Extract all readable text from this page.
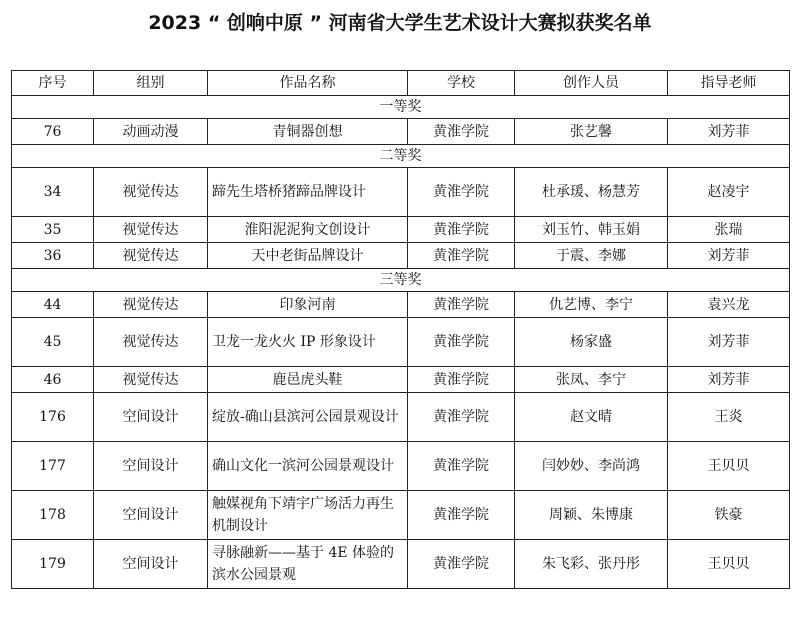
2023 “ 创响中原 ” 河南省大学生艺术设计大赛拟获奖名单
序号	组别	作品名称	学校	创作人员	指导老师
一等奖					
76	动画动漫	青铜器创想	黄淮学院	张艺馨	刘芳菲
二等奖					
34	视觉传达	蹄先生塔桥猪蹄品牌设计	黄淮学院	杜承瑗、杨慧芳	赵凌宇
35	视觉传达	淮阳泥泥狗文创设计	黄淮学院	刘玉竹、韩玉娟	张瑞
36	视觉传达	天中老街品牌设计	黄淮学院	于震、李娜	刘芳菲
三等奖					
44	视觉传达	印象河南	黄淮学院	仇艺博、李宁	袁兴龙
45	视觉传达	卫龙一龙火火 IP 形象设计	黄淮学院	杨家盛	刘芳菲
46	视觉传达	鹿邑虎头鞋	黄淮学院	张凤、李宁	刘芳菲
176	空间设计	绽放-确山县滨河公园景观设计	黄淮学院	赵文晴	王炎
177	空间设计	确山文化一滨河公园景观设计	黄淮学院	闫妙妙、李尚鸿	王贝贝
178	空间设计	触媒视角下靖宇广场活力再生机制设计	黄淮学院	周颖、朱博康	铁豪
179	空间设计	寻脉融新——基于 4E 体验的滨水公园景观	黄淮学院	朱飞彩、张丹彤	王贝贝
